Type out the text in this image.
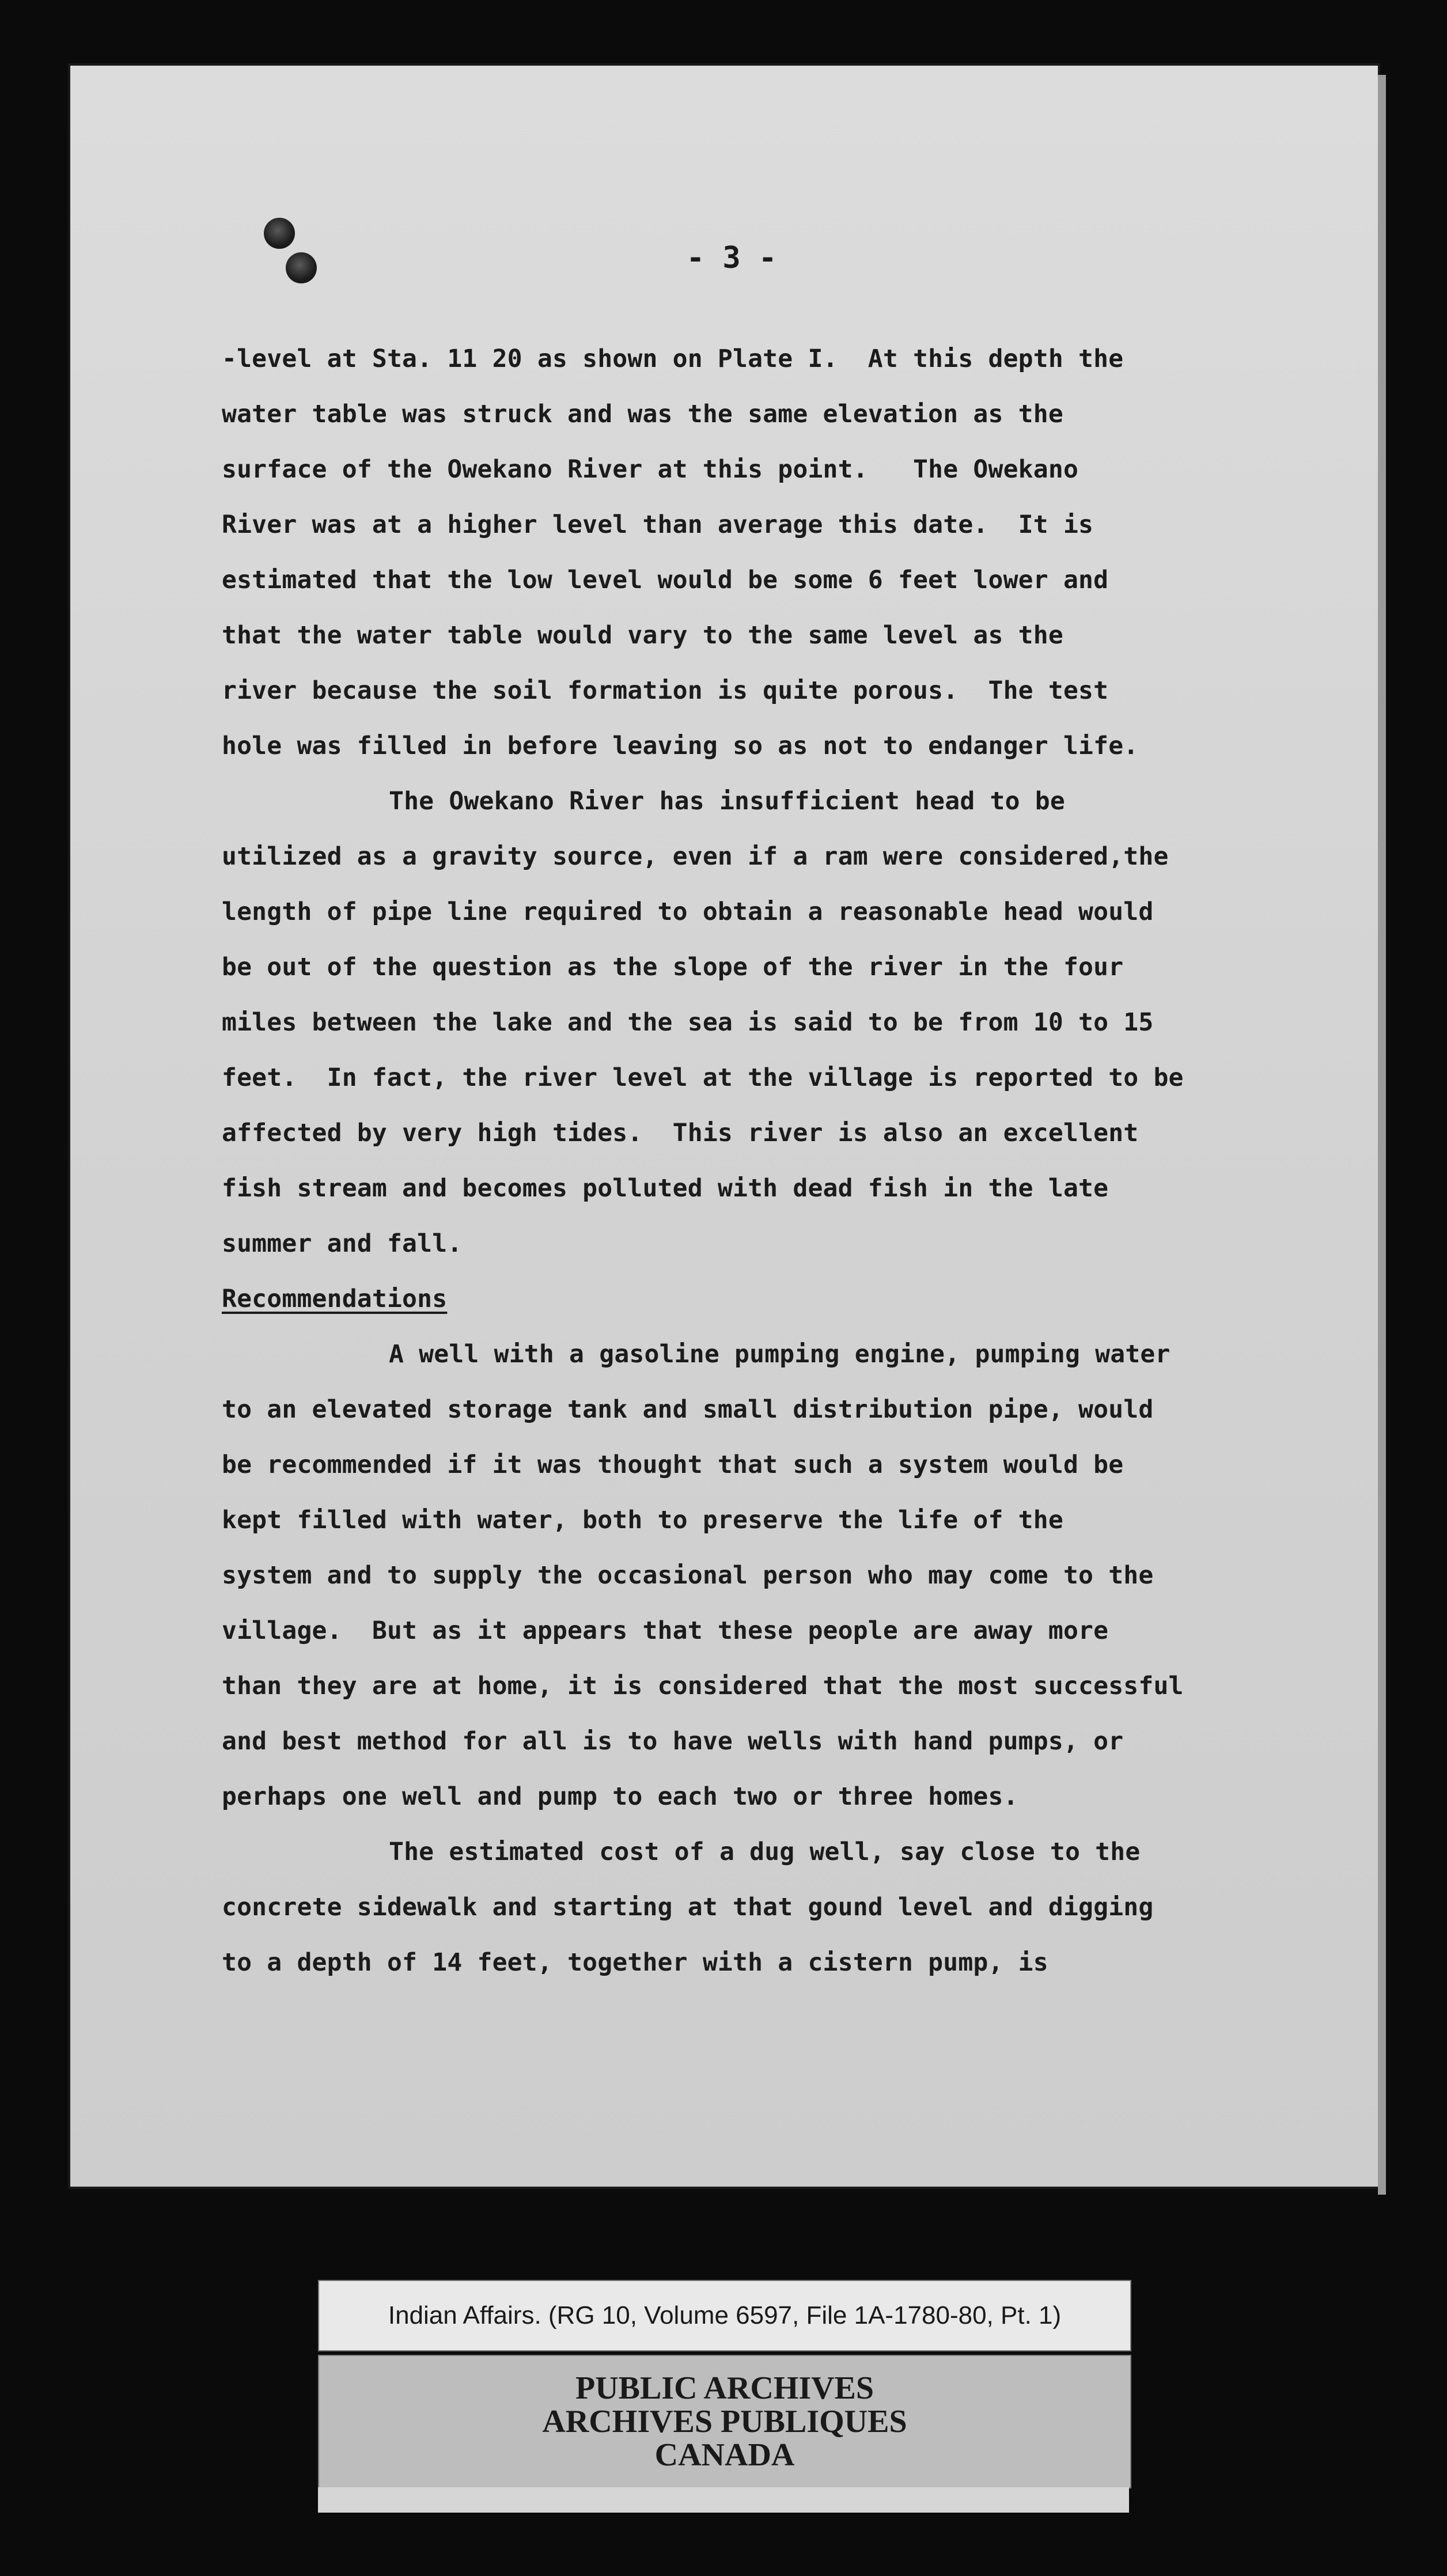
- 3 -
-level at Sta. 11 20 as shown on Plate I.  At this depth the
water table was struck and was the same elevation as the
surface of the Owekano River at this point.   The Owekano
River was at a higher level than average this date.  It is
estimated that the low level would be some 6 feet lower and
that the water table would vary to the same level as the
river because the soil formation is quite porous.  The test
hole was filled in before leaving so as not to endanger life.
The Owekano River has insufficient head to be
utilized as a gravity source, even if a ram were considered,the
length of pipe line required to obtain a reasonable head would
be out of the question as the slope of the river in the four
miles between the lake and the sea is said to be from 10 to 15
feet.  In fact, the river level at the village is reported to be
affected by very high tides.  This river is also an excellent
fish stream and becomes polluted with dead fish in the late
summer and fall.
Recommendations
A well with a gasoline pumping engine, pumping water
to an elevated storage tank and small distribution pipe, would
be recommended if it was thought that such a system would be
kept filled with water, both to preserve the life of the
system and to supply the occasional person who may come to the
village.  But as it appears that these people are away more
than they are at home, it is considered that the most successful
and best method for all is to have wells with hand pumps, or
perhaps one well and pump to each two or three homes.
The estimated cost of a dug well, say close to the
concrete sidewalk and starting at that gound level and digging
to a depth of 14 feet, together with a cistern pump, is
Indian Affairs. (RG 10, Volume 6597, File 1A-1780-80, Pt. 1)
PUBLIC ARCHIVES
ARCHIVES PUBLIQUES
CANADA
